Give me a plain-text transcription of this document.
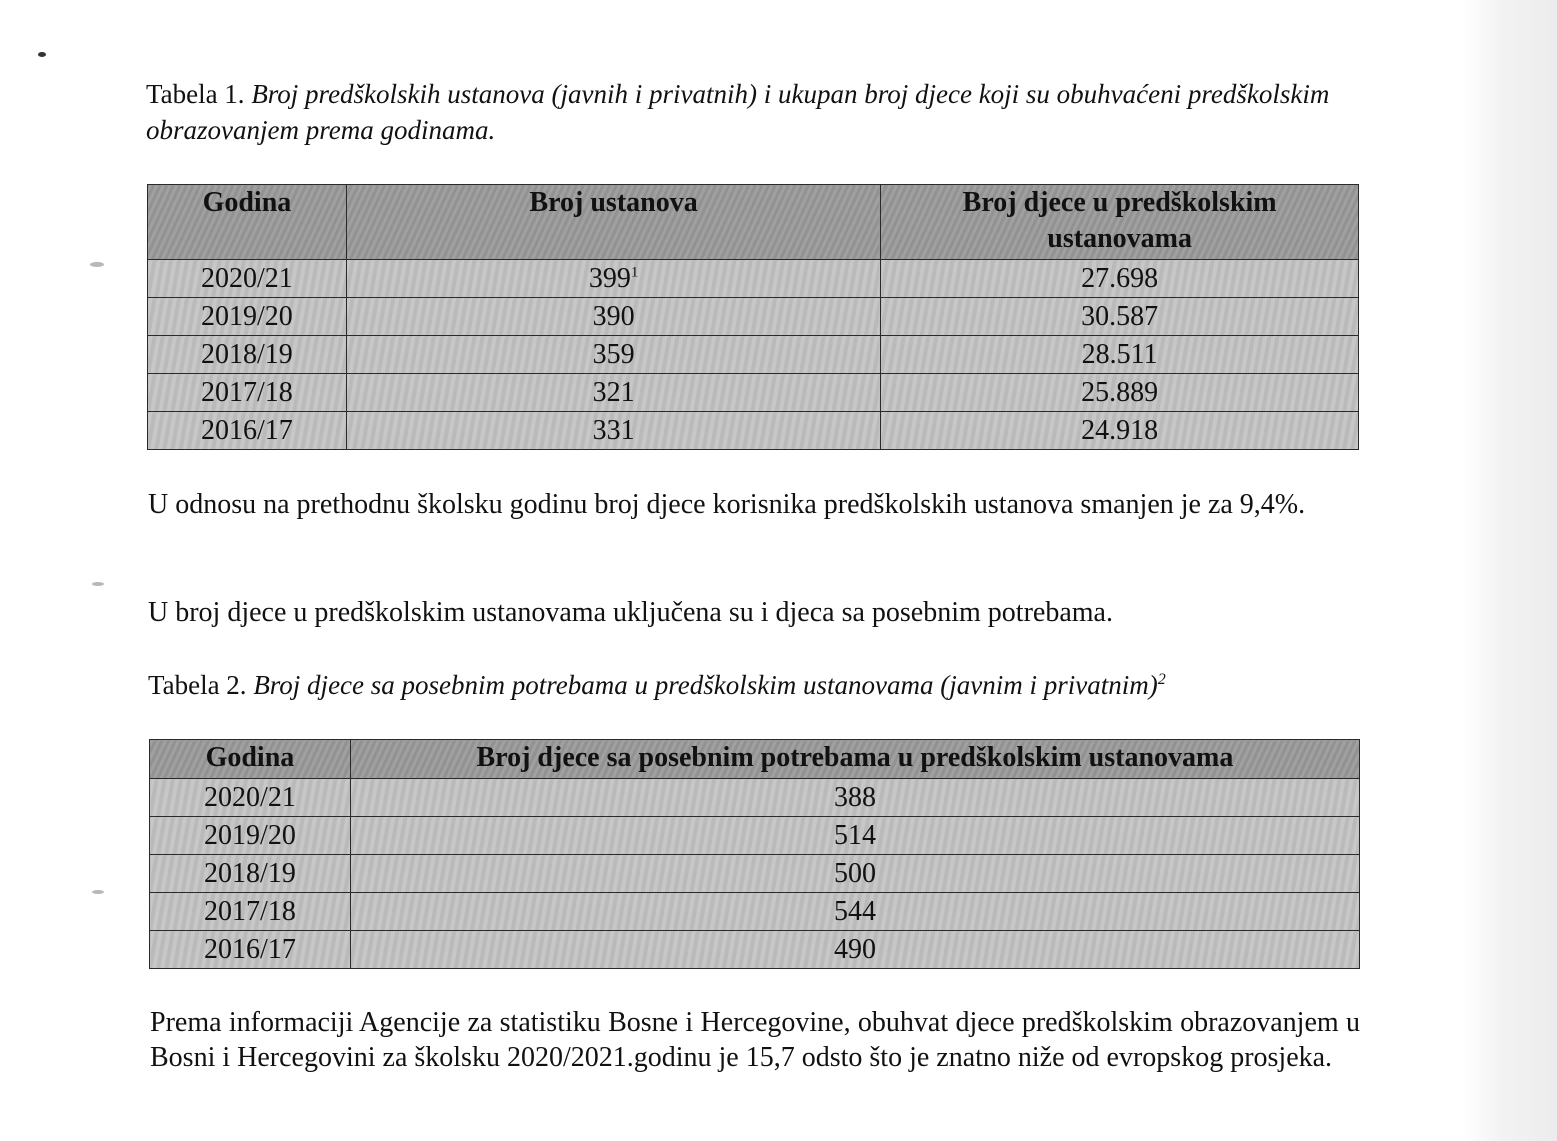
Tabela 1. Broj predškolskih ustanova (javnih i privatnih) i ukupan broj djece koji su obuhvaćeni predškolskim obrazovanjem prema godinama.
Godina	Broj ustanova	Broj djece u predškolskim ustanovama
2020/21	$399^1$	27.698
2019/20	390	30.587
2018/19	359	28.511
2017/18	321	25.889
2016/17	331	24.918
U odnosu na prethodnu školsku godinu broj djece korisnika predškolskih ustanova smanjen je za 9,4%.
U broj djece u predškolskim ustanovama uključena su i djeca sa posebnim potrebama.
Tabela 2. Broj djece sa posebnim potrebama u predškolskim ustanovama (javnim i privatnim)$^2$
Godina	Broj djece sa posebnim potrebama u predškolskim ustanovama
2020/21	388
2019/20	514
2018/19	500
2017/18	544
2016/17	490
Prema informaciji Agencije za statistiku Bosne i Hercegovine, obuhvat djece predškolskim obrazovanjem u Bosni i Hercegovini za školsku 2020/2021.godinu je 15,7 odsto što je znatno niže od evropskog prosjeka.
